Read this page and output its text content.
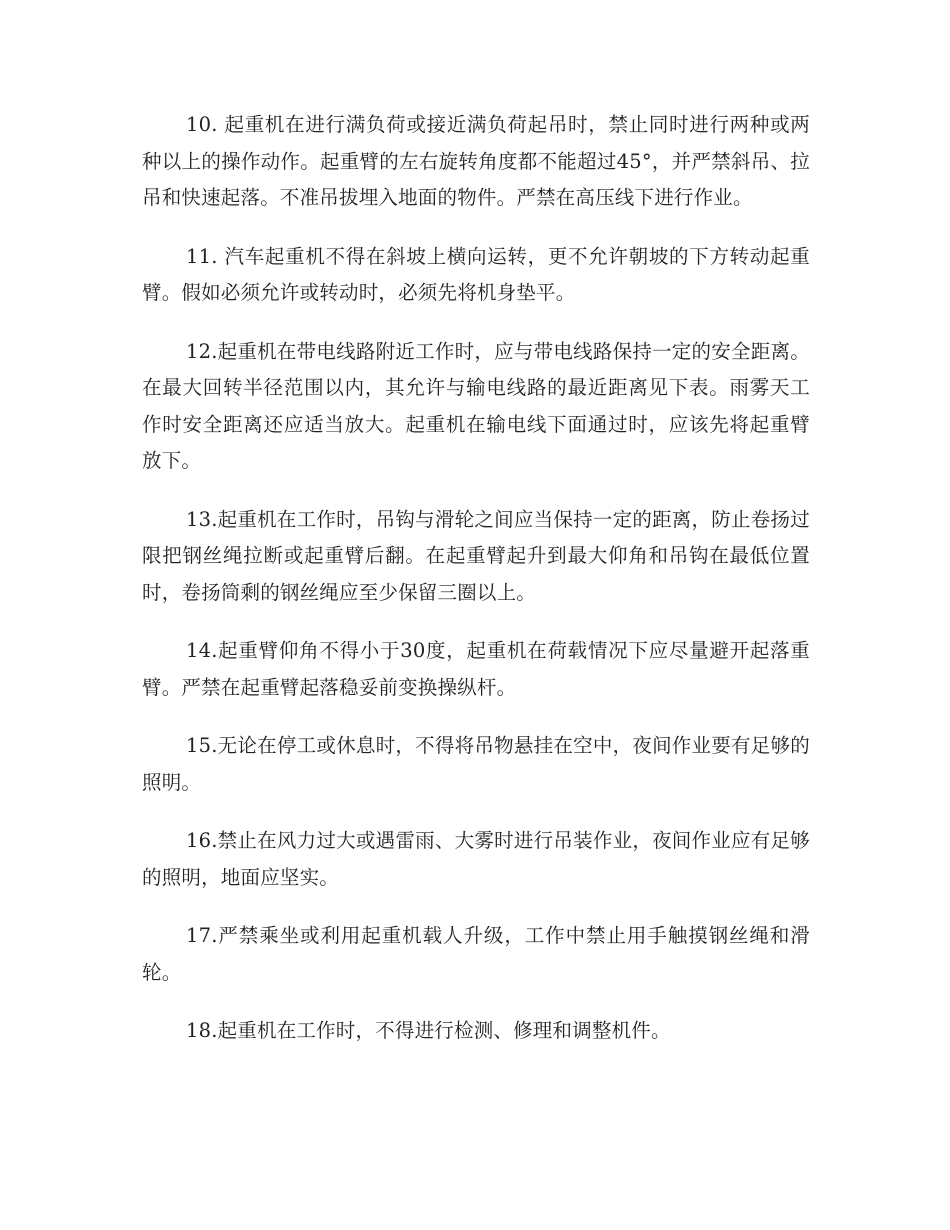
10. 起重机在进行满负荷或接近满负荷起吊时，禁止同时进行两种或两种以上的操作动作。起重臂的左右旋转角度都不能超过45°，并严禁斜吊、拉吊和快速起落。不准吊拔埋入地面的物件。严禁在高压线下进行作业。

11. 汽车起重机不得在斜坡上横向运转，更不允许朝坡的下方转动起重臂。假如必须允许或转动时，必须先将机身垫平。

12.起重机在带电线路附近工作时，应与带电线路保持一定的安全距离。在最大回转半径范围以内，其允许与输电线路的最近距离见下表。雨雾天工作时安全距离还应适当放大。起重机在输电线下面通过时，应该先将起重臂放下。

13.起重机在工作时，吊钩与滑轮之间应当保持一定的距离，防止卷扬过限把钢丝绳拉断或起重臂后翻。在起重臂起升到最大仰角和吊钩在最低位置时，卷扬筒剩的钢丝绳应至少保留三圈以上。

14.起重臂仰角不得小于30度，起重机在荷载情况下应尽量避开起落重臂。严禁在起重臂起落稳妥前变换操纵杆。

15.无论在停工或休息时，不得将吊物悬挂在空中，夜间作业要有足够的照明。

16.禁止在风力过大或遇雷雨、大雾时进行吊装作业，夜间作业应有足够的照明，地面应坚实。

17.严禁乘坐或利用起重机载人升级，工作中禁止用手触摸钢丝绳和滑轮。

18.起重机在工作时，不得进行检测、修理和调整机件。
